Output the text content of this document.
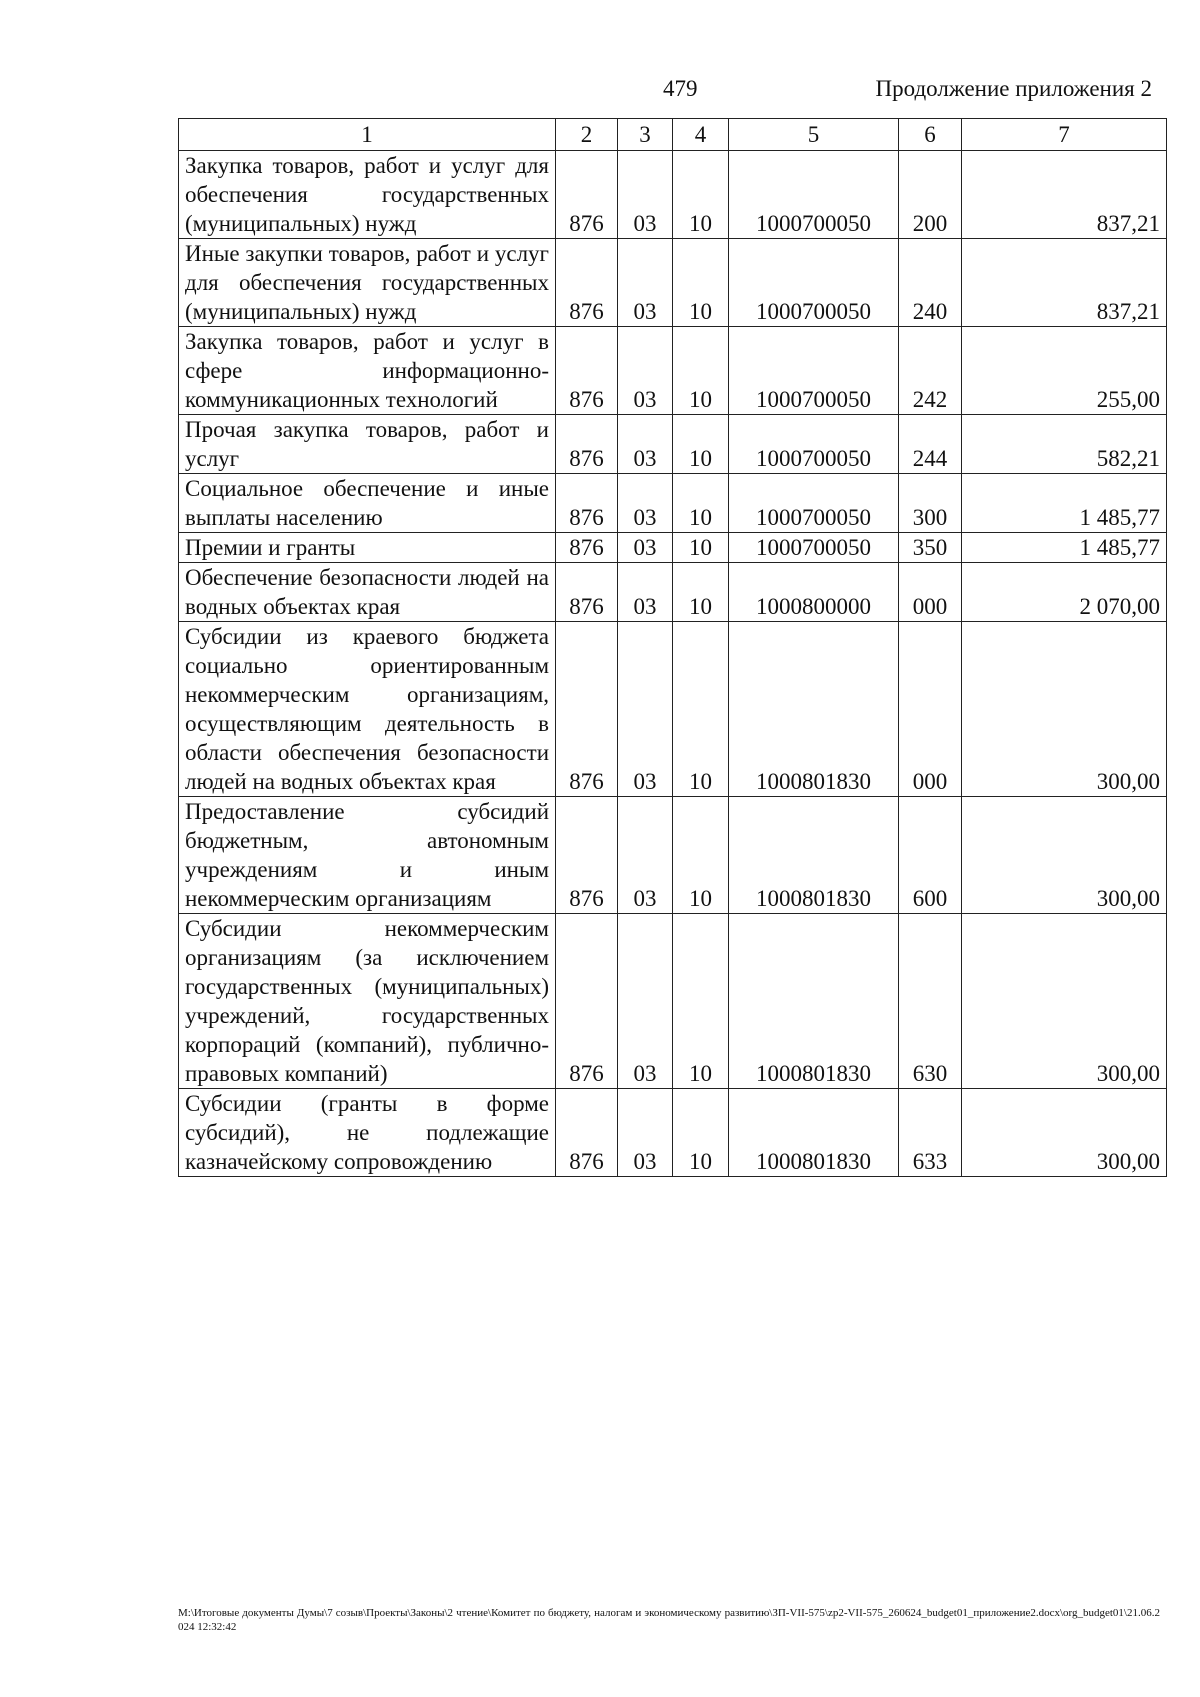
479	Продолжение приложения 2
1	2	3	4	5	6	7
Закупка товаров, работ и услуг для обеспечения государственных (муниципальных) нужд	876	03	10	1000700050	200	837,21
Иные закупки товаров, работ и услуг для обеспечения государственных (муниципальных) нужд	876	03	10	1000700050	240	837,21
Закупка товаров, работ и услуг в сфере информационно-коммуникационных технологий	876	03	10	1000700050	242	255,00
Прочая закупка товаров, работ и услуг	876	03	10	1000700050	244	582,21
Социальное обеспечение и иные выплаты населению	876	03	10	1000700050	300	1 485,77
Премии и гранты	876	03	10	1000700050	350	1 485,77
Обеспечение безопасности людей на водных объектах края	876	03	10	1000800000	000	2 070,00
Субсидии из краевого бюджета социально ориентированным некоммерческим организациям, осуществляющим деятельность в области обеспечения безопасности людей на водных объектах края	876	03	10	1000801830	000	300,00
Предоставление субсидий бюджетным, автономным учреждениям и иным некоммерческим организациям	876	03	10	1000801830	600	300,00
Субсидии некоммерческим организациям (за исключением государственных (муниципальных) учреждений, государственных корпораций (компаний), публично-правовых компаний)	876	03	10	1000801830	630	300,00
Субсидии (гранты в форме субсидий), не подлежащие казначейскому сопровождению	876	03	10	1000801830	633	300,00
M:\Итоговые документы Думы\7 созыв\Проекты\Законы\2 чтение\Комитет по бюджету, налогам и экономическому развитию\ЗП-VII-575\zp2-VII-575_260624_budget01_приложение2.docx\org_budget01\21.06.2024 12:32:42
